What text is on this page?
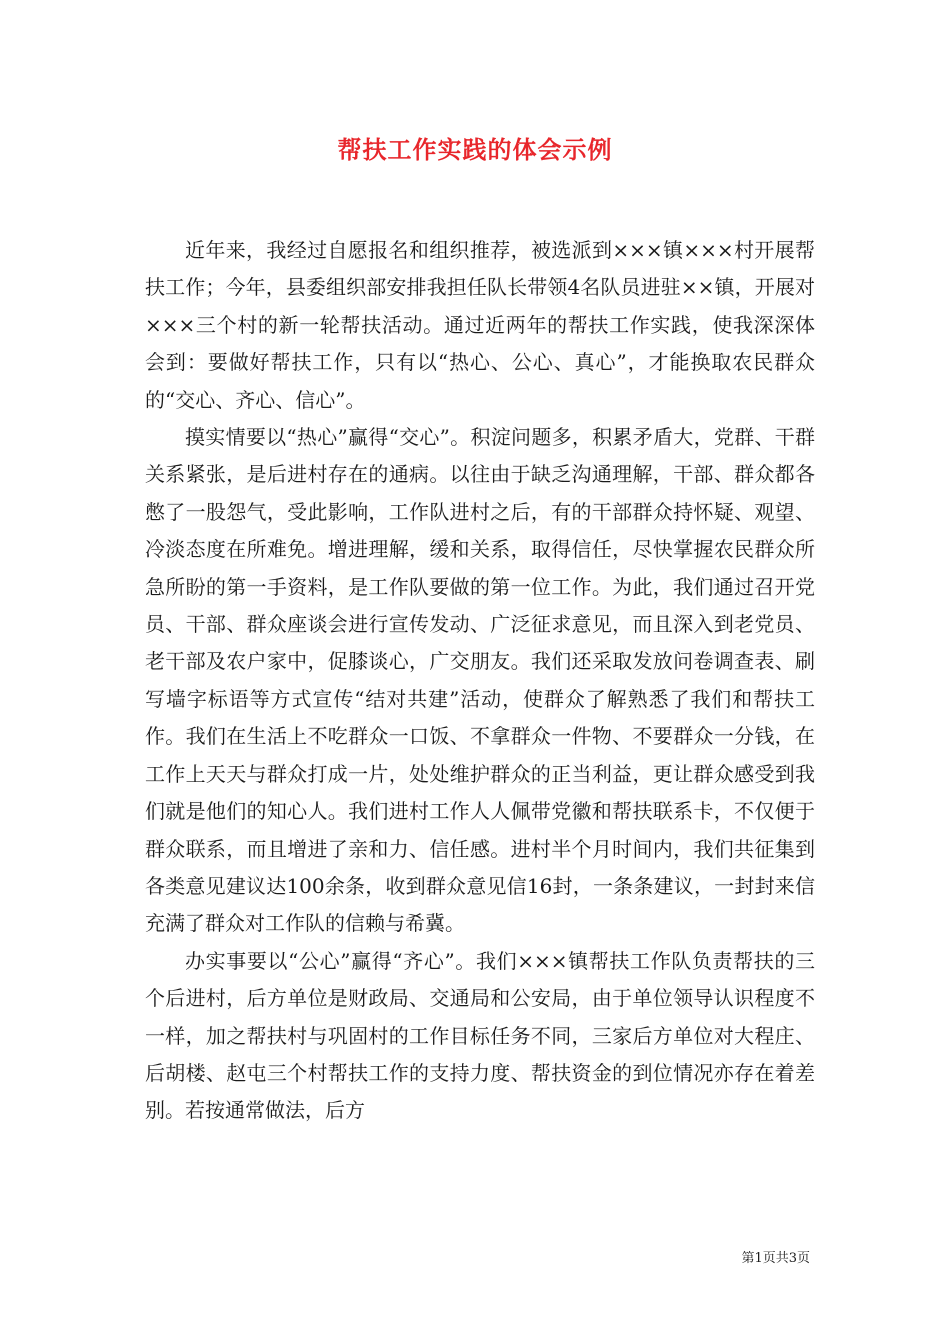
帮扶工作实践的体会示例

近年来，我经过自愿报名和组织推荐，被选派到×××镇×××村开展帮扶工作；今年，县委组织部安排我担任队长带领4名队员进驻××镇，开展对×××三个村的新一轮帮扶活动。通过近两年的帮扶工作实践，使我深深体会到：要做好帮扶工作，只有以“热心、公心、真心”，才能换取农民群众的“交心、齐心、信心”。

摸实情要以“热心”赢得“交心”。积淀问题多，积累矛盾大，党群、干群关系紧张，是后进村存在的通病。以往由于缺乏沟通理解，干部、群众都各憋了一股怨气，受此影响，工作队进村之后，有的干部群众持怀疑、观望、冷淡态度在所难免。增进理解，缓和关系，取得信任，尽快掌握农民群众所急所盼的第一手资料，是工作队要做的第一位工作。为此，我们通过召开党员、干部、群众座谈会进行宣传发动、广泛征求意见，而且深入到老党员、老干部及农户家中，促膝谈心，广交朋友。我们还采取发放问卷调查表、刷写墙字标语等方式宣传“结对共建”活动，使群众了解熟悉了我们和帮扶工作。我们在生活上不吃群众一口饭、不拿群众一件物、不要群众一分钱，在工作上天天与群众打成一片，处处维护群众的正当利益，更让群众感受到我们就是他们的知心人。我们进村工作人人佩带党徽和帮扶联系卡，不仅便于群众联系，而且增进了亲和力、信任感。进村半个月时间内，我们共征集到各类意见建议达100余条，收到群众意见信16封，一条条建议，一封封来信充满了群众对工作队的信赖与希冀。

办实事要以“公心”赢得“齐心”。我们×××镇帮扶工作队负责帮扶的三个后进村，后方单位是财政局、交通局和公安局，由于单位领导认识程度不一样，加之帮扶村与巩固村的工作目标任务不同，三家后方单位对大程庄、后胡楼、赵屯三个村帮扶工作的支持力度、帮扶资金的到位情况亦存在着差别。若按通常做法，后方

第1页共3页
